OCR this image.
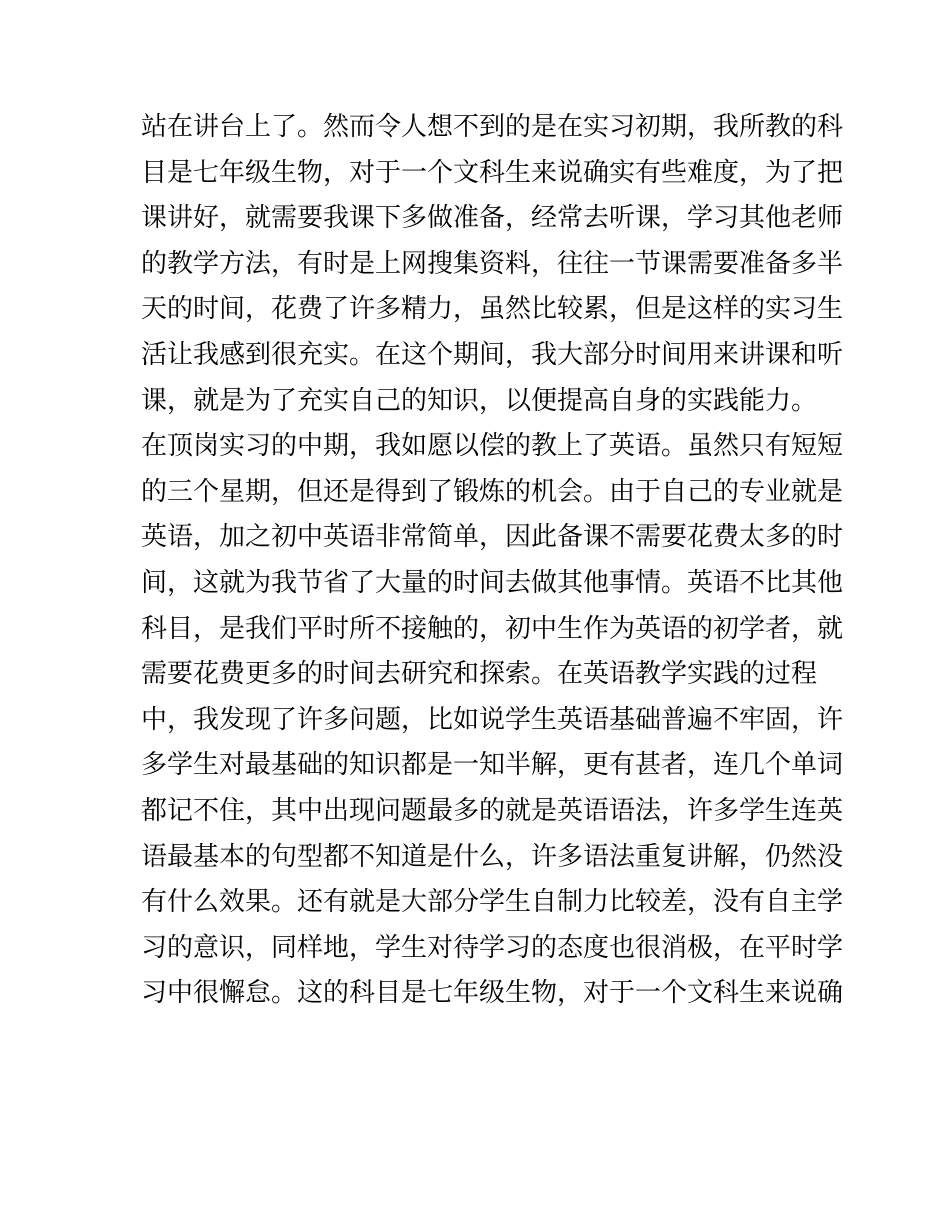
站在讲台上了。然而令人想不到的是在实习初期，我所教的科
目是七年级生物，对于一个文科生来说确实有些难度，为了把
课讲好，就需要我课下多做准备，经常去听课，学习其他老师
的教学方法，有时是上网搜集资料，往往一节课需要准备多半
天的时间，花费了许多精力，虽然比较累，但是这样的实习生
活让我感到很充实。在这个期间，我大部分时间用来讲课和听
课，就是为了充实自己的知识，以便提高自身的实践能力。
在顶岗实习的中期，我如愿以偿的教上了英语。虽然只有短短
的三个星期，但还是得到了锻炼的机会。由于自己的专业就是
英语，加之初中英语非常简单，因此备课不需要花费太多的时
间，这就为我节省了大量的时间去做其他事情。英语不比其他
科目，是我们平时所不接触的，初中生作为英语的初学者，就
需要花费更多的时间去研究和探索。在英语教学实践的过程
中，我发现了许多问题，比如说学生英语基础普遍不牢固，许
多学生对最基础的知识都是一知半解，更有甚者，连几个单词
都记不住，其中出现问题最多的就是英语语法，许多学生连英
语最基本的句型都不知道是什么，许多语法重复讲解，仍然没
有什么效果。还有就是大部分学生自制力比较差，没有自主学
习的意识，同样地，学生对待学习的态度也很消极，在平时学
习中很懈怠。这的科目是七年级生物，对于一个文科生来说确
